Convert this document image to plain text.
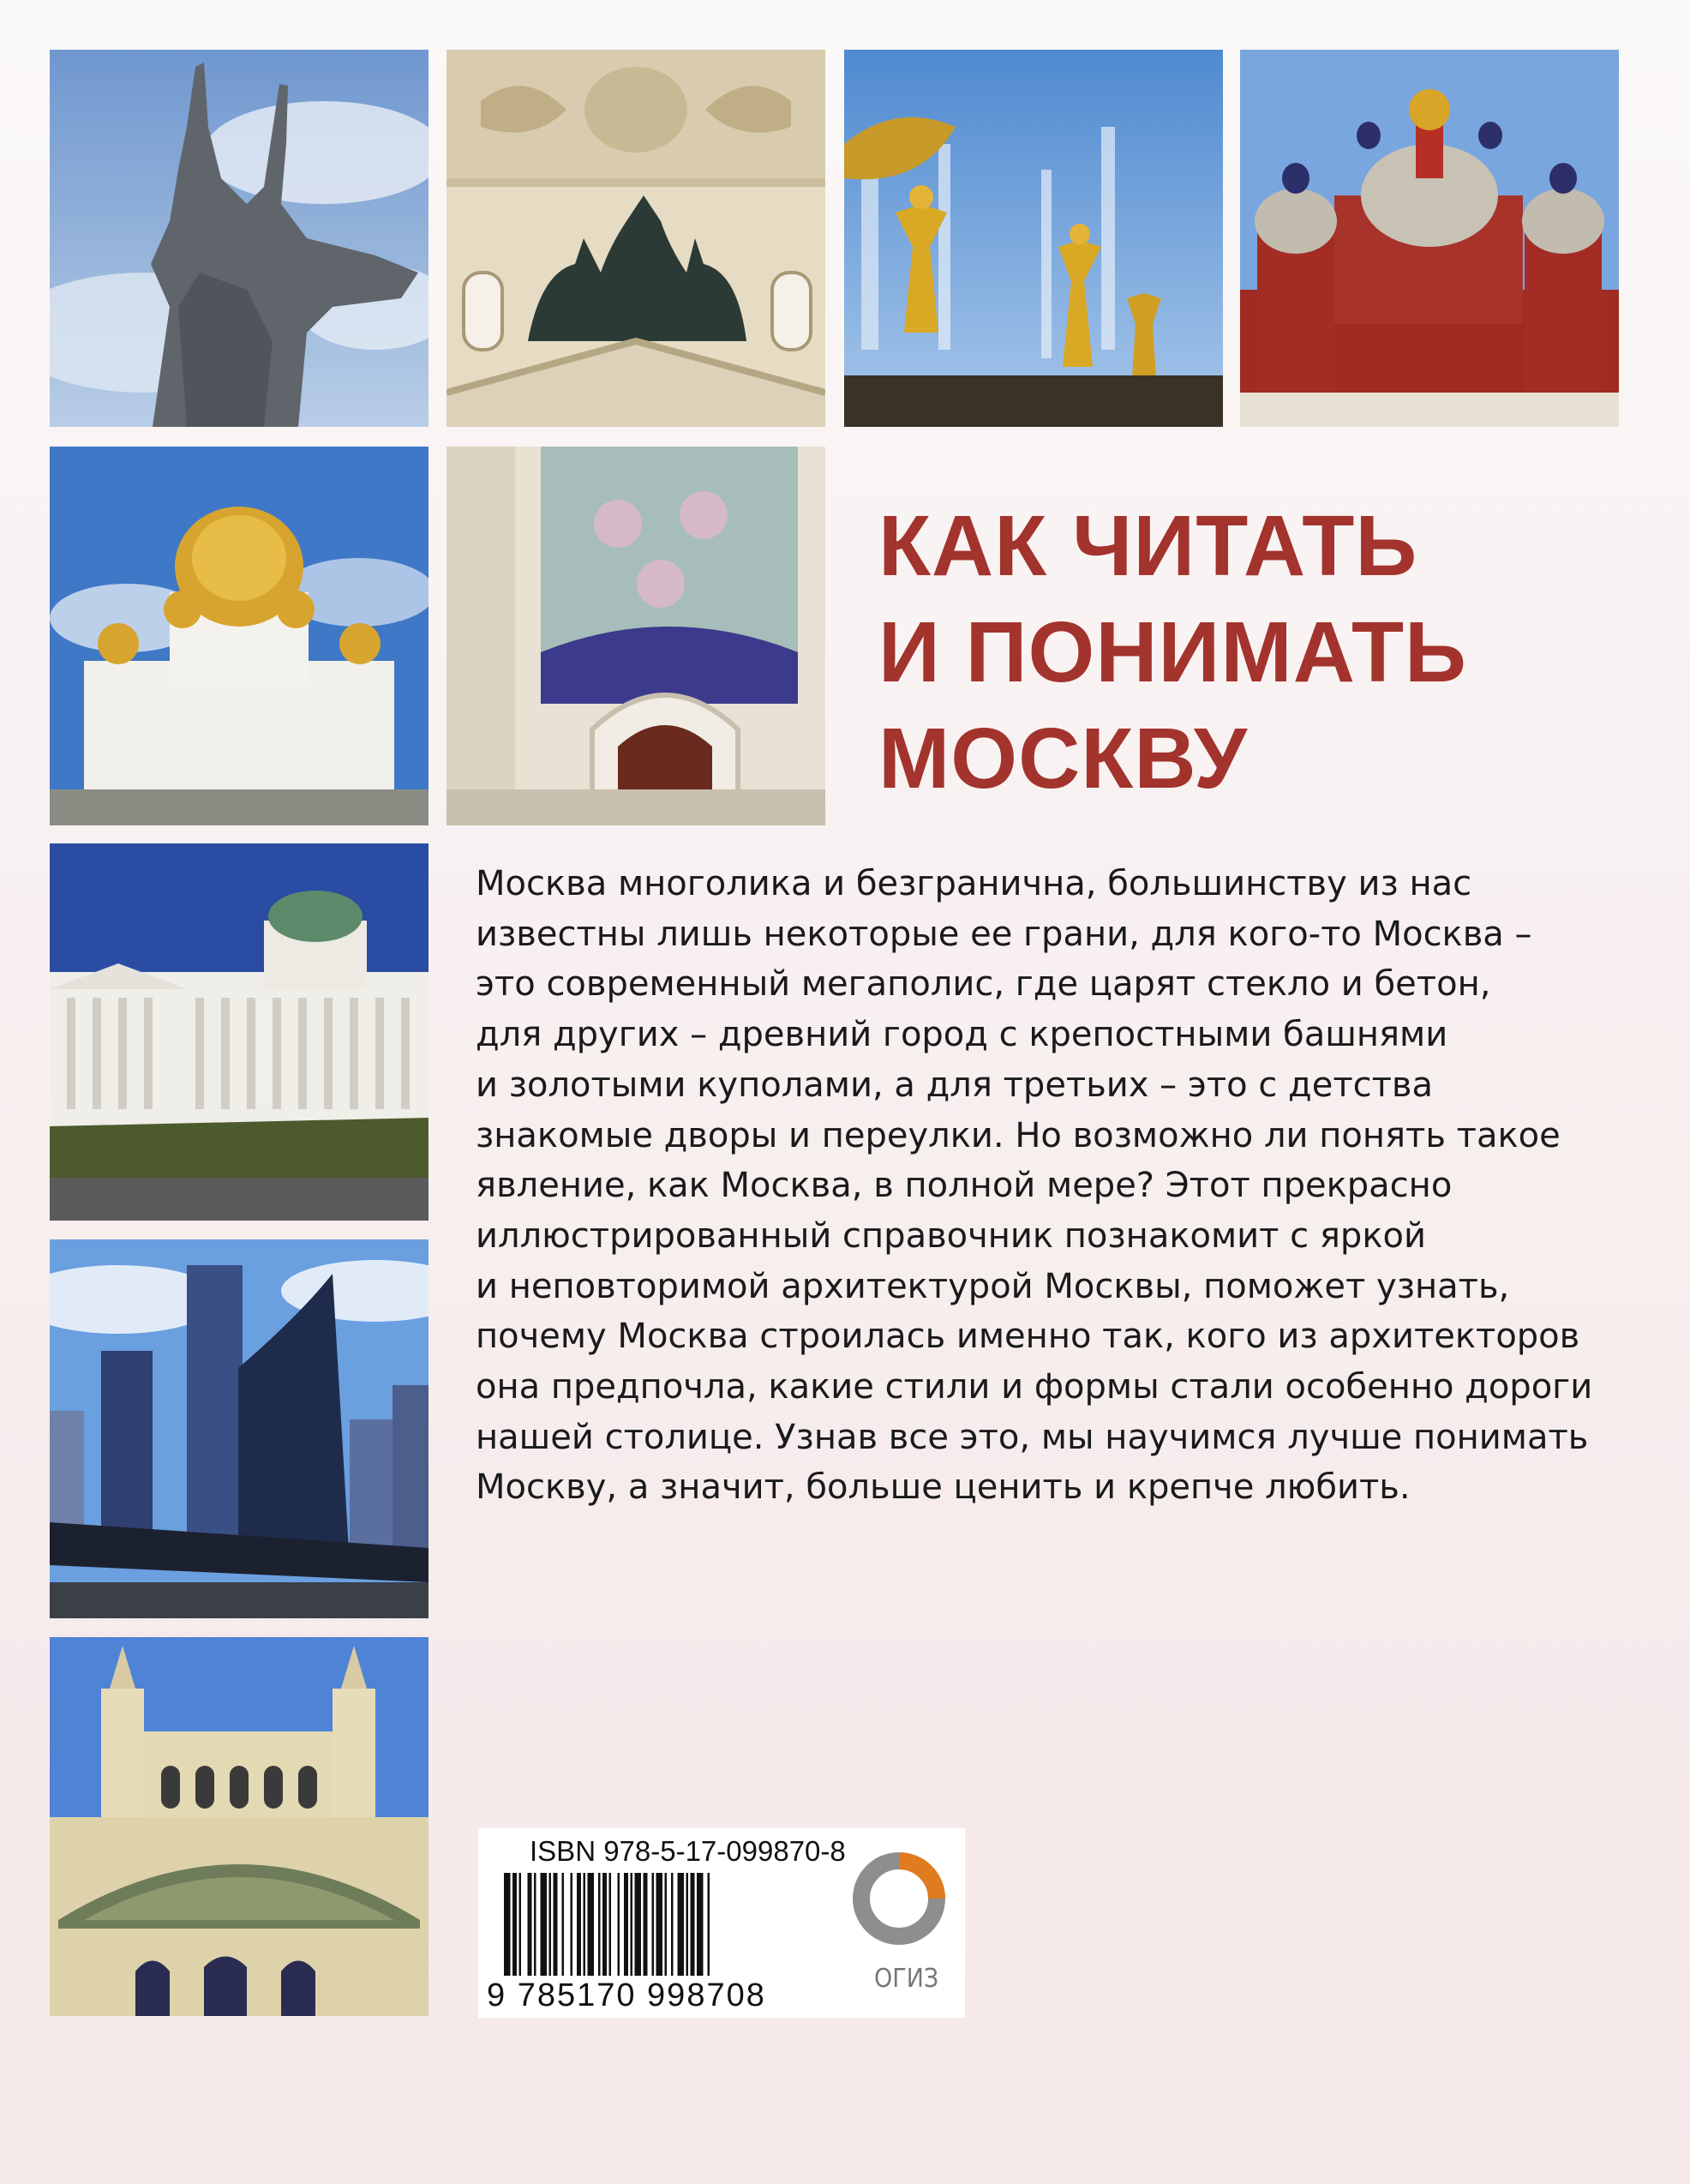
КАК ЧИТАТЬ
И ПОНИМАТЬ
МОСКВУ
Москва многолика и безгранична, большинству из нас
известны лишь некоторые ее грани, для кого-то Москва –
это современный мегаполис, где царят стекло и бетон,
для других – древний город с крепостными башнями
и золотыми куполами, а для третьих – это с детства
знакомые дворы и переулки. Но возможно ли понять такое
явление, как Москва, в полной мере? Этот прекрасно
иллюстрированный справочник познакомит с яркой
и неповторимой архитектурой Москвы, поможет узнать,
почему Москва строилась именно так, кого из архитекторов
она предпочла, какие стили и формы стали особенно дороги
нашей столице. Узнав все это, мы научимся лучше понимать
Москву, а значит, больше ценить и крепче любить.
ISBN 978-5-17-099870-8
9 785170 998708	ОГИЗ
